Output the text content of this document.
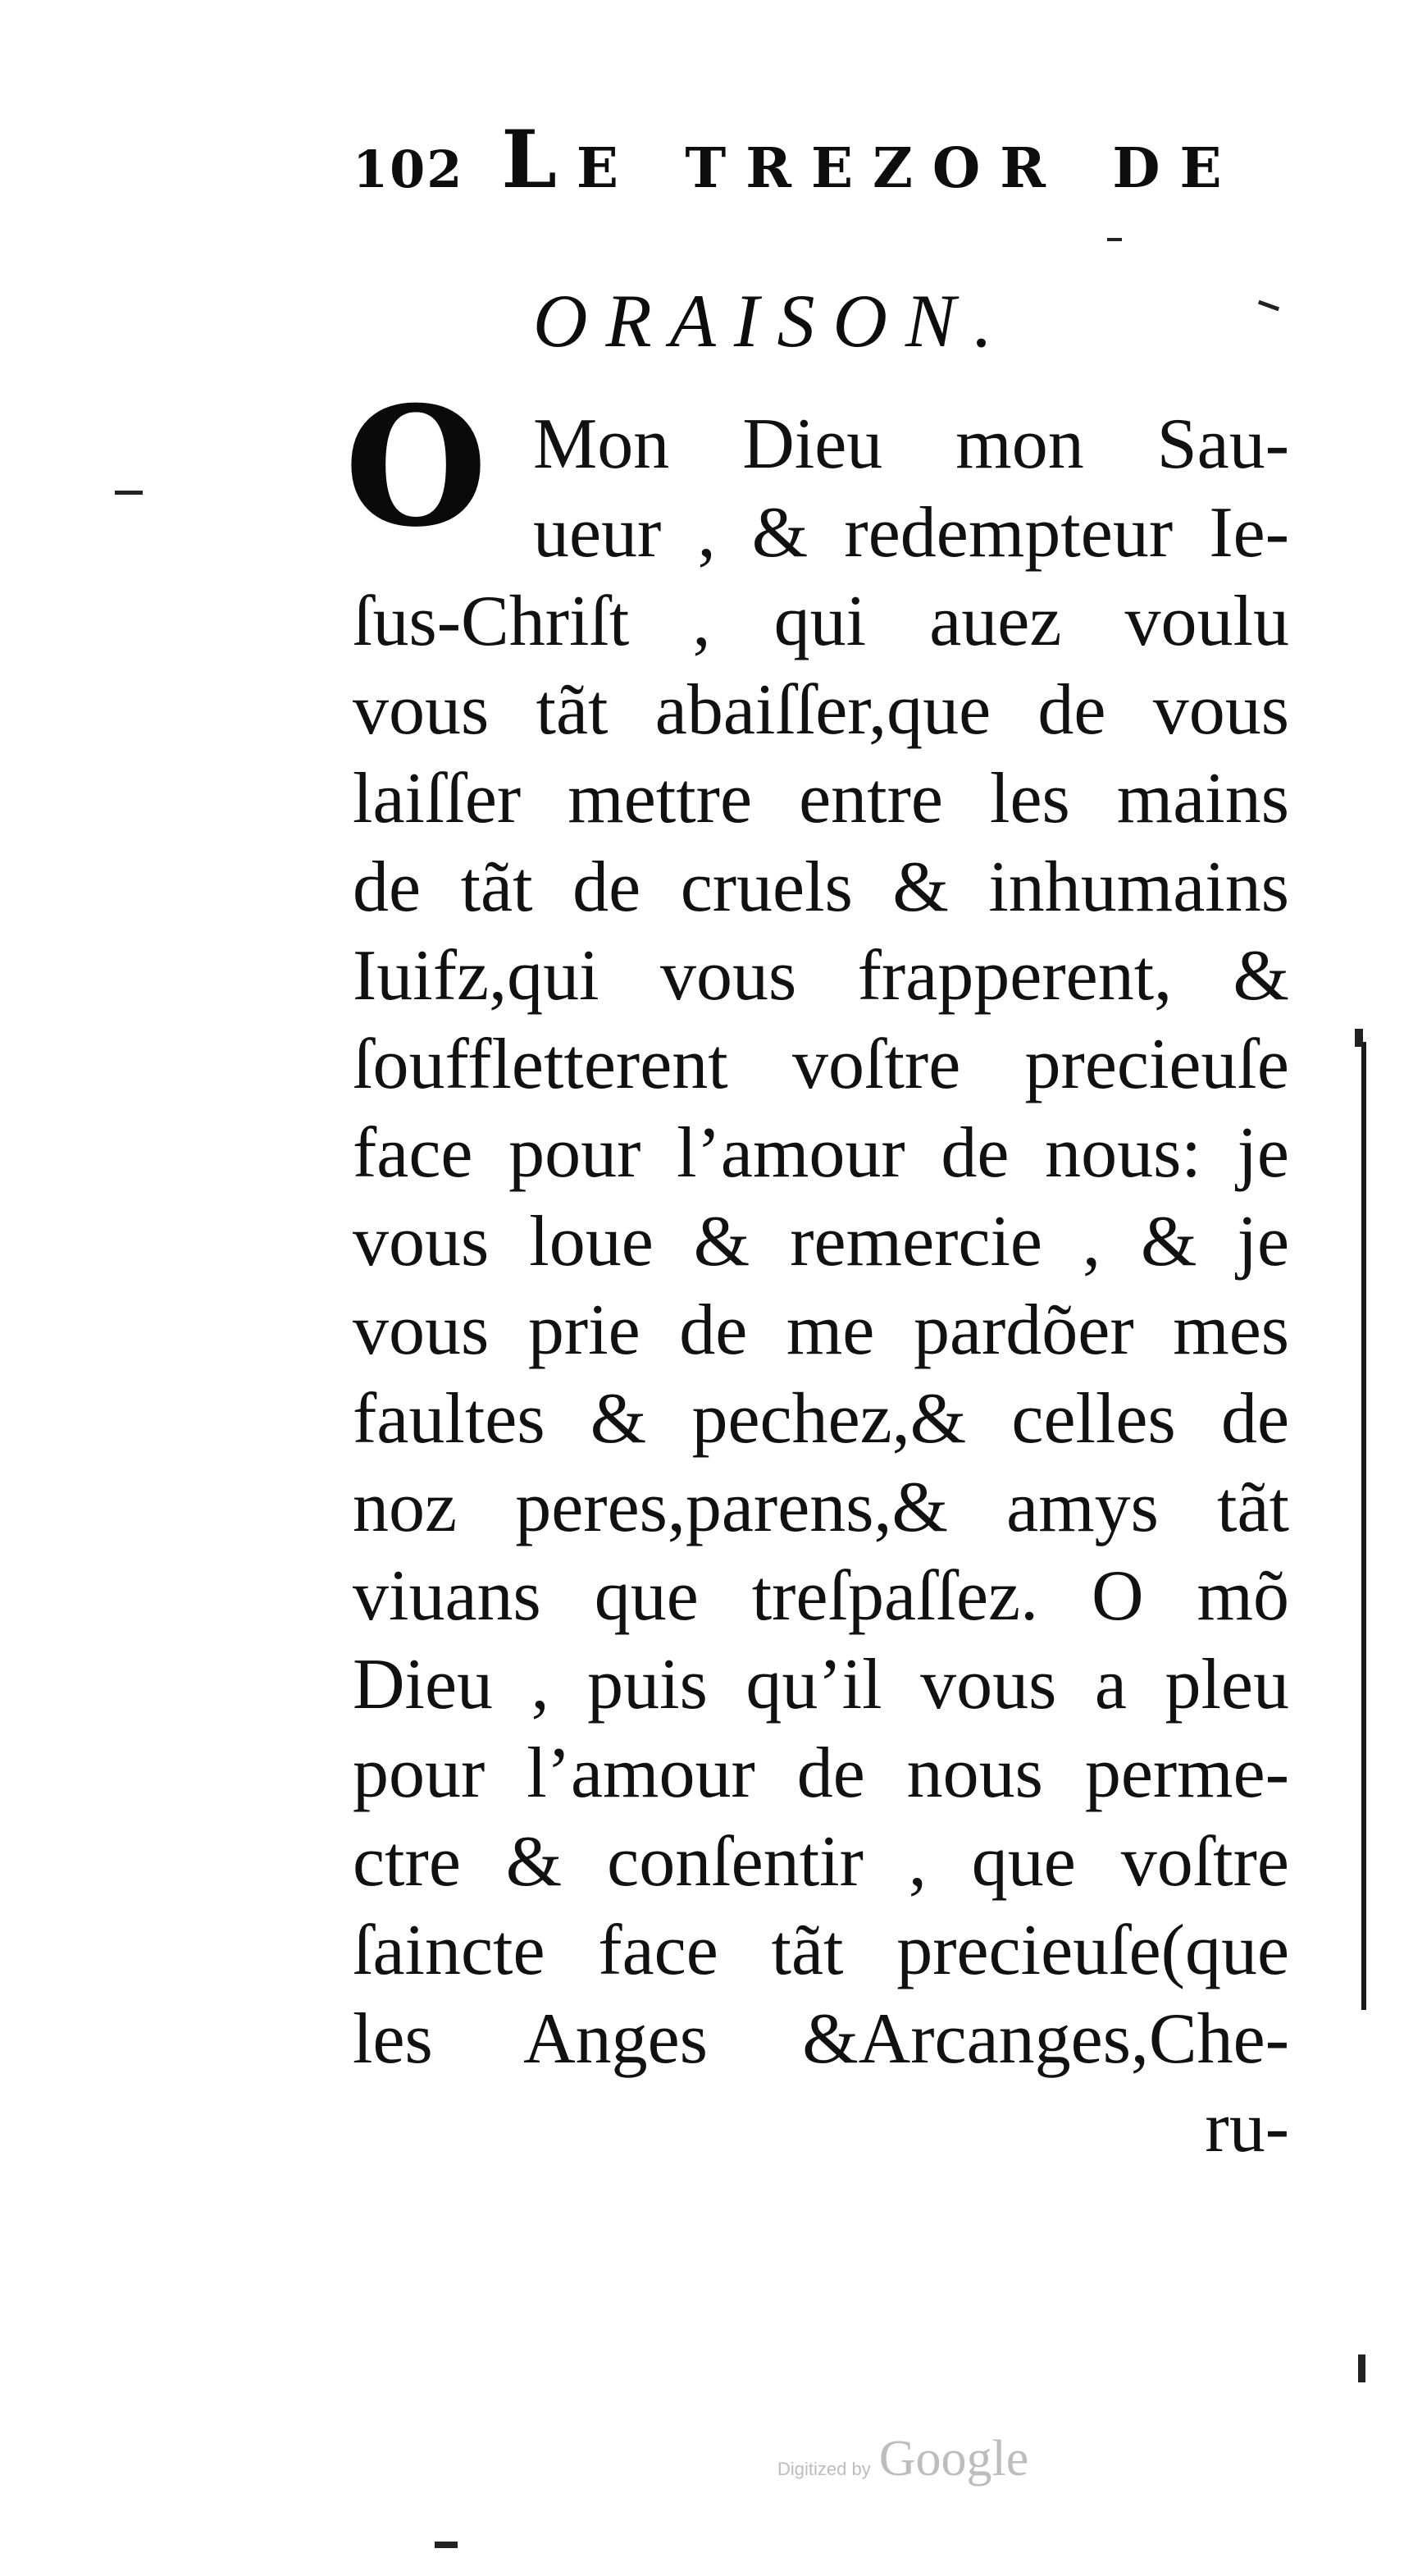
102 Le trezor de
ORAISON.
O Mon Dieu mon Sau-
ueur , & redempteur Ie-
ſus-Chriſt , qui auez voulu
vous tãt abaiſſer,que de vous
laiſſer mettre entre les mains
de tãt de cruels & inhumains
Iuifz,qui vous frapperent, &
ſouffletterent voſtre precieuſe
face pour l’amour de nous: je
vous loue & remercie , & je
vous prie de me pardõer mes
faultes & pechez,& celles de
noz peres,parens,& amys tãt
viuans que treſpaſſez. O mõ
Dieu , puis qu’il vous a pleu
pour l’amour de nous perme-
ctre & conſentir , que voſtre
ſaincte face tãt precieuſe(que
les Anges &Arcanges,Che-
ru-
Digitized by Google
